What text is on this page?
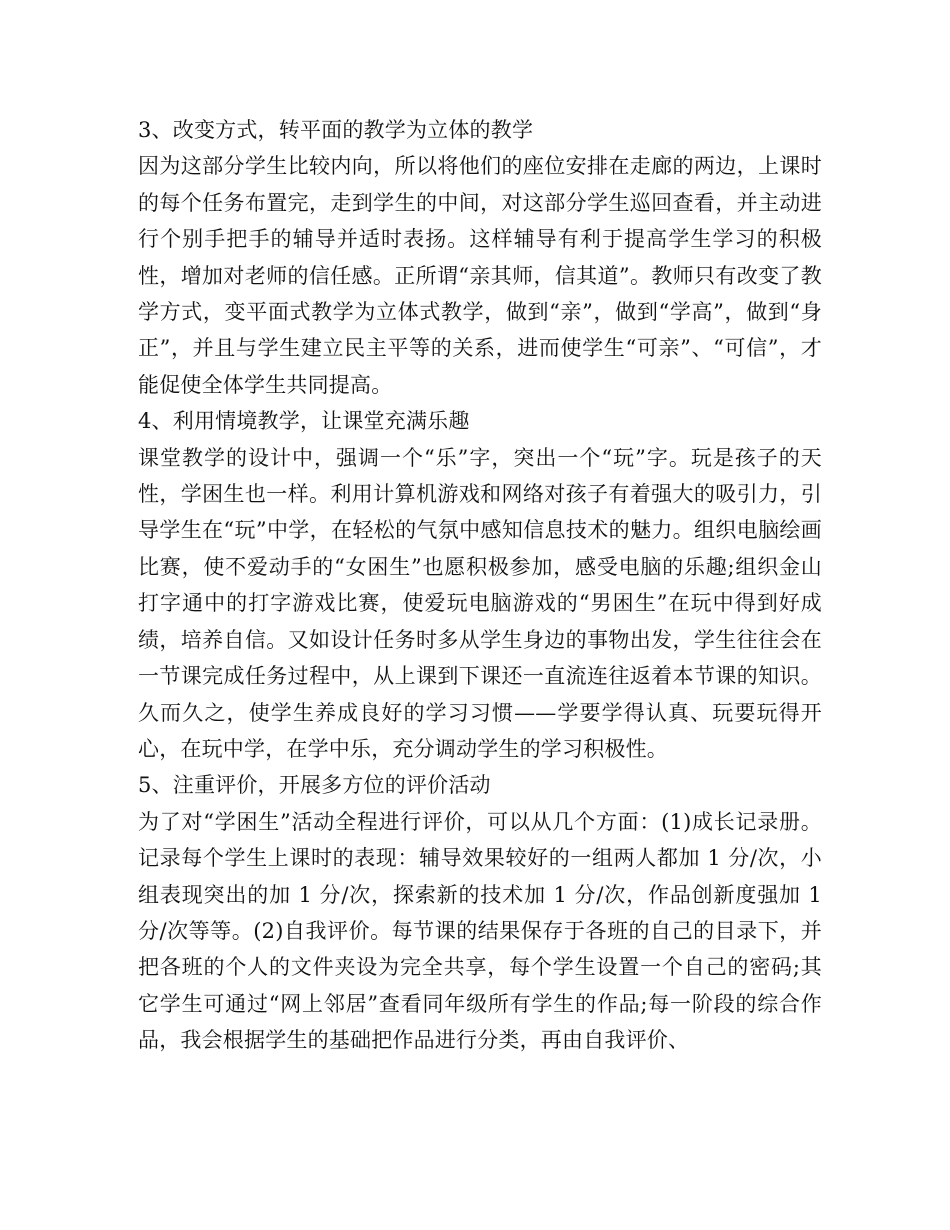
3、改变方式，转平面的教学为立体的教学

因为这部分学生比较内向，所以将他们的座位安排在走廊的两边，上课时的每个任务布置完，走到学生的中间，对这部分学生巡回查看，并主动进行个别手把手的辅导并适时表扬。这样辅导有利于提高学生学习的积极性，增加对老师的信任感。正所谓“亲其师，信其道”。教师只有改变了教学方式，变平面式教学为立体式教学，做到“亲”，做到“学高”，做到“身正”，并且与学生建立民主平等的关系，进而使学生“可亲”、“可信”，才能促使全体学生共同提高。

4、利用情境教学，让课堂充满乐趣

课堂教学的设计中，强调一个“乐”字，突出一个“玩”字。玩是孩子的天性，学困生也一样。利用计算机游戏和网络对孩子有着强大的吸引力，引导学生在“玩”中学，在轻松的气氛中感知信息技术的魅力。组织电脑绘画比赛，使不爱动手的“女困生”也愿积极参加，感受电脑的乐趣;组织金山打字通中的打字游戏比赛，使爱玩电脑游戏的“男困生”在玩中得到好成绩，培养自信。又如设计任务时多从学生身边的事物出发，学生往往会在一节课完成任务过程中，从上课到下课还一直流连往返着本节课的知识。久而久之，使学生养成良好的学习习惯——学要学得认真、玩要玩得开心，在玩中学，在学中乐，充分调动学生的学习积极性。

5、注重评价，开展多方位的评价活动

为了对“学困生”活动全程进行评价，可以从几个方面：(1)成长记录册。记录每个学生上课时的表现：辅导效果较好的一组两人都加 1 分/次，小组表现突出的加 1 分/次，探索新的技术加 1 分/次，作品创新度强加 1 分/次等等。(2)自我评价。每节课的结果保存于各班的自己的目录下，并把各班的个人的文件夹设为完全共享，每个学生设置一个自己的密码;其它学生可通过“网上邻居”查看同年级所有学生的作品;每一阶段的综合作品，我会根据学生的基础把作品进行分类，再由自我评价、
